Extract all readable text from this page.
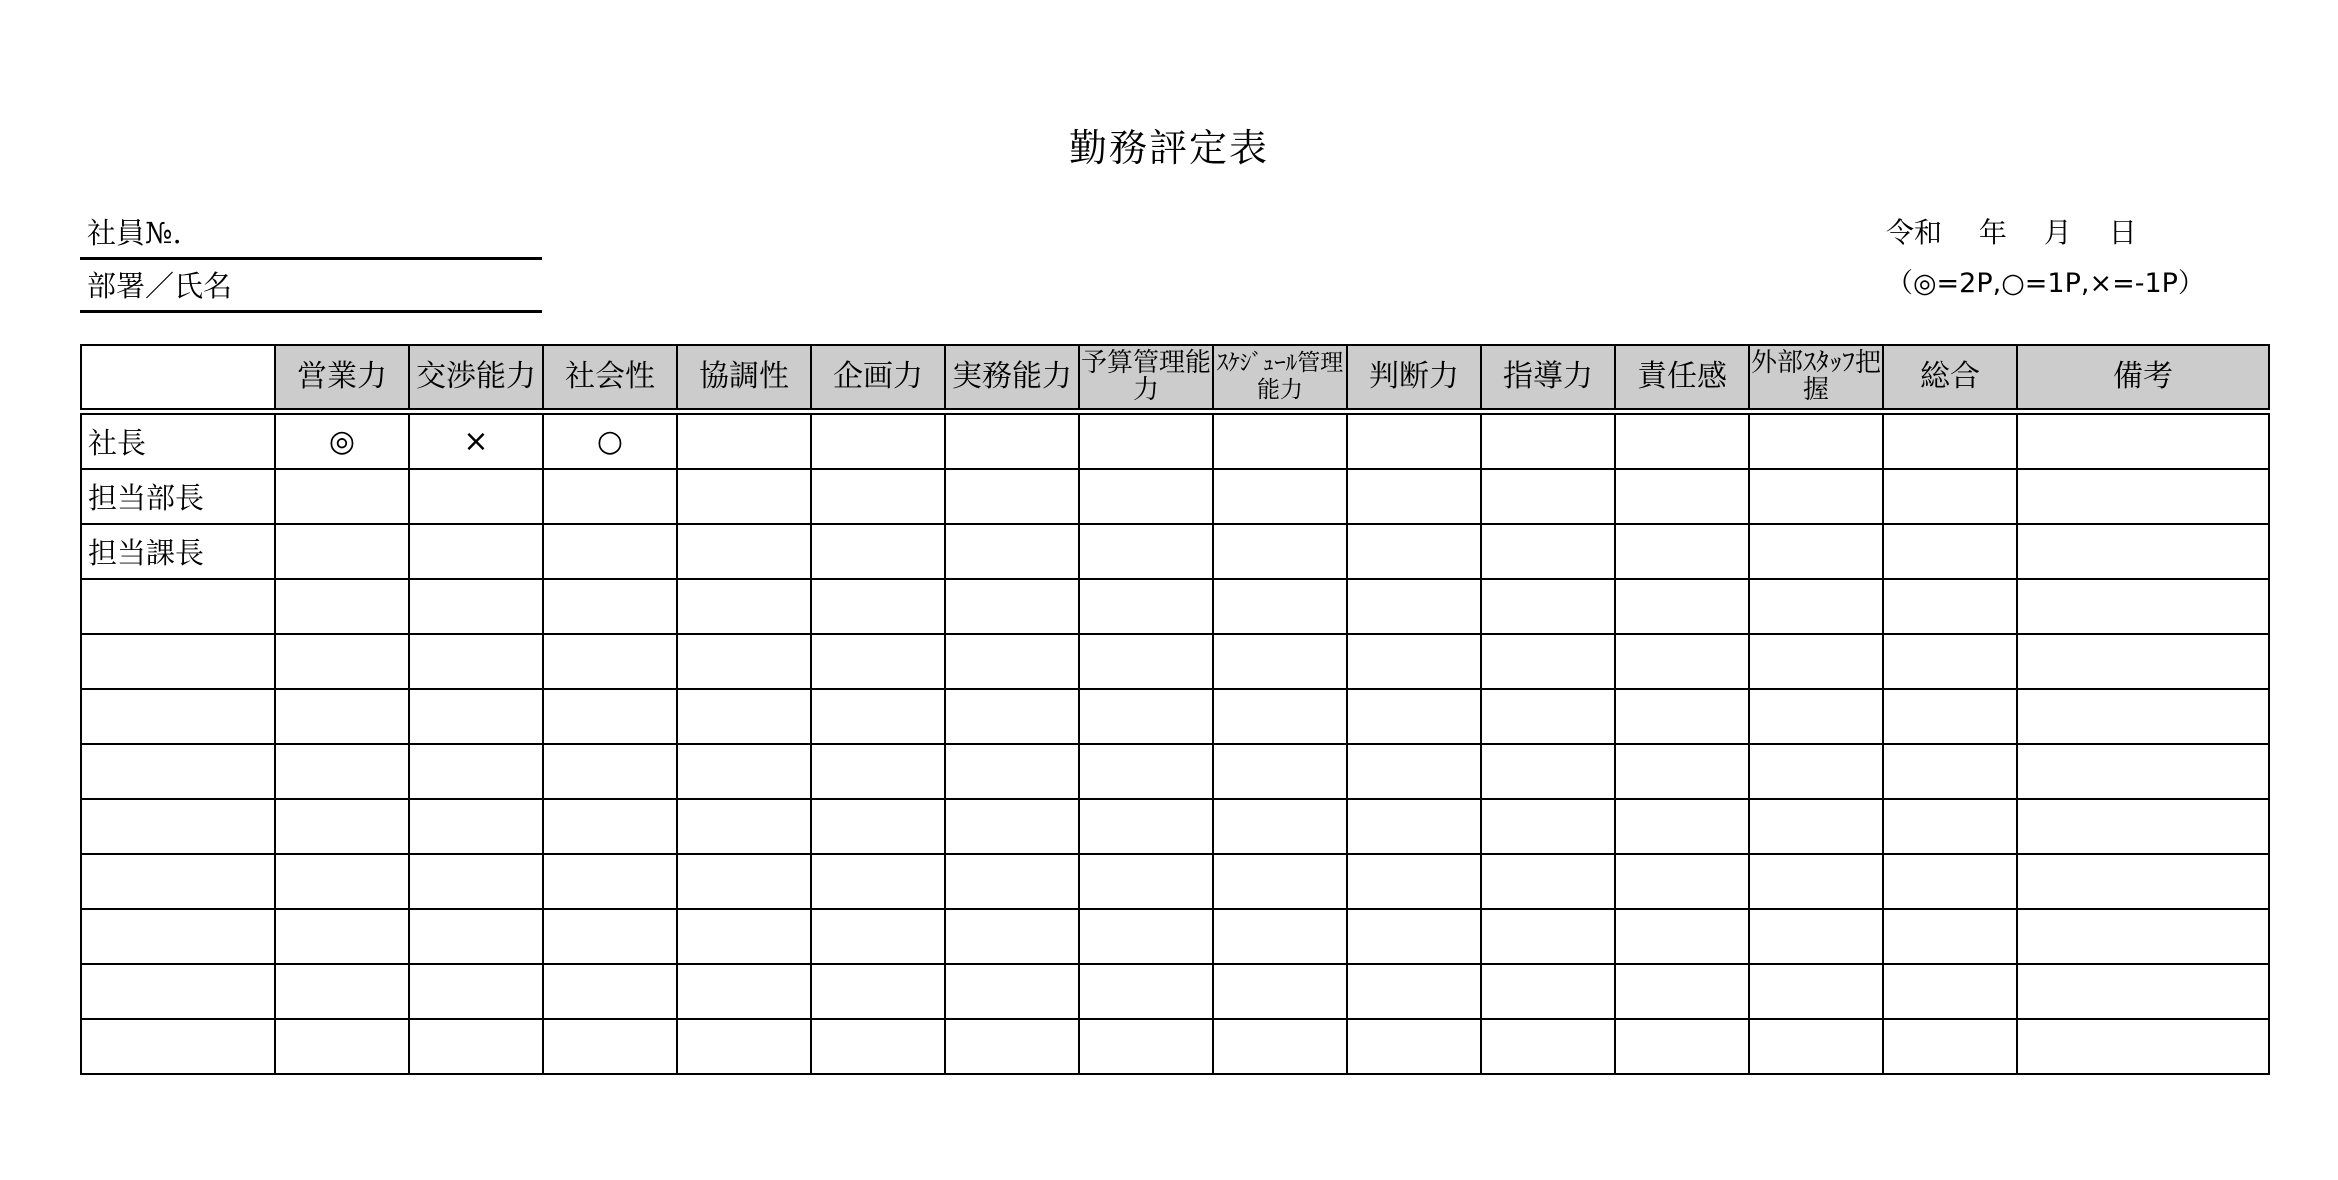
勤務評定表
社員№.
部署／氏名
令和　 年　 月　 日
（◎=2P,○=1P,×=-1P）
	営業力	交渉能力	社会性	協調性	企画力	実務能力	予算管理能力	ｽｹｼﾞｭｰﾙ管理能力	判断力	指導力	責任感	外部ｽﾀｯﾌ把握	総合	備考
社長	◎	×	○											
担当部長														
担当課長														
